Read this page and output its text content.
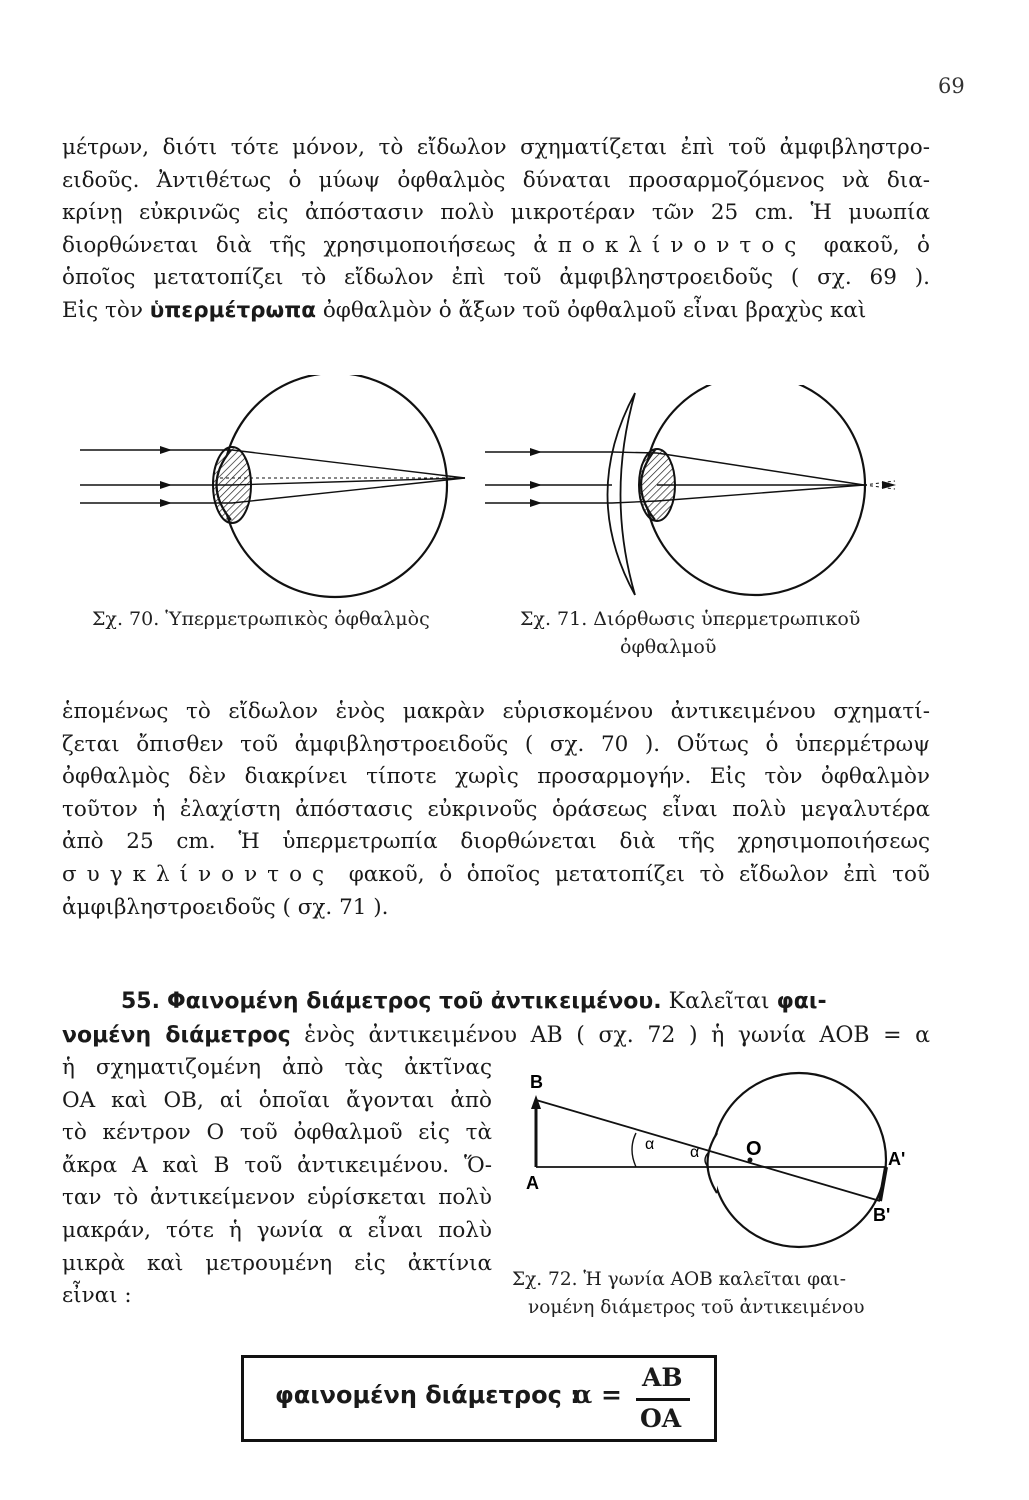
69
μέτρων, διότι τότε μόνον, τὸ εἴδωλον σχηματίζεται ἐπὶ τοῦ ἀμφιβληστρο-
ειδοῦς. Ἀντιθέτως ὁ μύωψ ὀφθαλμὸς δύναται προσαρμοζόμενος νὰ δια-
κρίνῃ εὐκρινῶς εἰς ἀπόστασιν πολὺ μικροτέραν τῶν 25 cm. Ἡ μυωπία
διορθώνεται διὰ τῆς χρησιμοποιήσεως ἀποκλίνοντος φακοῦ, ὁ
ὁποῖος μετατοπίζει τὸ εἴδωλον ἐπὶ τοῦ ἀμφιβληστροειδοῦς ( σχ. 69 ).
Εἰς τὸν ὑπερμέτρωπα ὀφθαλμὸν ὁ ἄξων τοῦ ὀφθαλμοῦ εἶναι βραχὺς καὶ
Σχ. 70. Ὑπερμετρωπικὸς ὀφθαλμὸς	Σχ. 71. Διόρθωσις ὑπερμετρωπικοῦ
ὀφθαλμοῦ
ἑπομένως τὸ εἴδωλον ἑνὸς μακρὰν εὑρισκομένου ἀντικειμένου σχηματί-
ζεται ὄπισθεν τοῦ ἀμφιβληστροειδοῦς ( σχ. 70 ). Οὕτως ὁ ὑπερμέτρωψ
ὀφθαλμὸς δὲν διακρίνει τίποτε χωρὶς προσαρμογήν. Εἰς τὸν ὀφθαλμὸν
τοῦτον ἡ ἐλαχίστη ἀπόστασις εὐκρινοῦς ὁράσεως εἶναι πολὺ μεγαλυτέρα
ἀπὸ 25 cm. Ἡ ὑπερμετρωπία διορθώνεται διὰ τῆς χρησιμοποιήσεως
συγκλίνοντος φακοῦ, ὁ ὁποῖος μετατοπίζει τὸ εἴδωλον ἐπὶ τοῦ
ἀμφιβληστροειδοῦς ( σχ. 71 ).
55. Φαινομένη διάμετρος τοῦ ἀντικειμένου. Καλεῖται φαι-
νομένη διάμετρος ἑνὸς ἀντικειμένου ΑΒ ( σχ. 72 ) ἡ γωνία ΑΟΒ = α
ἡ σχηματιζομένη ἀπὸ τὰς ἀκτῖνας
ΟΑ καὶ ΟΒ, αἱ ὁποῖαι ἄγονται ἀπὸ
τὸ κέντρον Ο τοῦ ὀφθαλμοῦ εἰς τὰ
ἄκρα Α καὶ Β τοῦ ἀντικειμένου. Ὅ-
ταν τὸ ἀντικείμενον εὑρίσκεται πολὺ
μακράν, τότε ἡ γωνία α εἶναι πολὺ
μικρὰ καὶ μετρουμένη εἰς ἀκτίνια
εἶναι :
B
A
α α O	A'
B'
Σχ. 72. Ἡ γωνία ΑΟΒ καλεῖται φαι-
νομένη διάμετρος τοῦ ἀντικειμένου
φαινομένη διάμετρος :
α =
AB
OA
